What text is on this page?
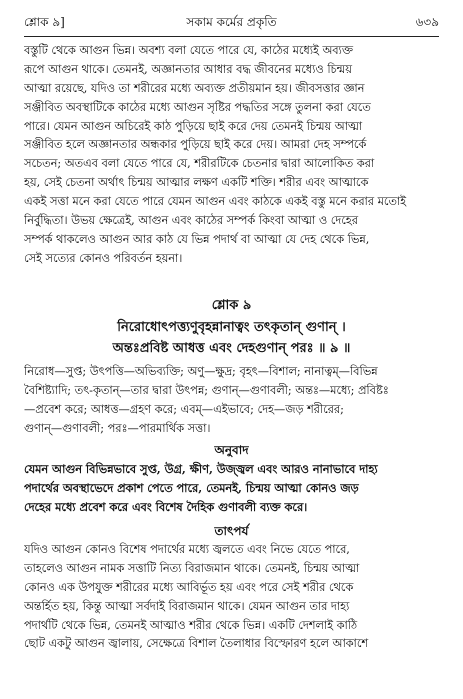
শ্লোক ৯]	সকাম কর্মের প্রকৃতি	৬৩৯
বস্তুটি থেকে আগুন ভিন্ন। অবশ্য বলা যেতে পারে যে, কাঠের মধ্যেই অব্যক্ত
রূপে আগুন থাকে। তেমনই, অজ্ঞানতার আধার বদ্ধ জীবনের মধ্যেও চিন্ময়
আত্মা রয়েছে, যদিও তা শরীরের মধ্যে অব্যক্ত প্রতীয়মান হয়। জীবসত্তার জ্ঞান
সঞ্জীবিত অবস্থাটিকে কাঠের মধ্যে আগুন সৃষ্টির পদ্ধতির সঙ্গে তুলনা করা যেতে
পারে। যেমন আগুন অচিরেই কাঠ পুড়িয়ে ছাই করে দেয় তেমনই চিন্ময় আত্মা
সঞ্জীবিত হলে অজ্ঞানতার অন্ধকার পুড়িয়ে ছাই করে দেয়। আমরা দেহ সম্পর্কে
সচেতন; অতএব বলা যেতে পারে যে, শরীরটিকে চেতনার দ্বারা আলোকিত করা
হয়, সেই চেতনা অর্থাৎ চিন্ময় আত্মার লক্ষণ একটি শক্তি। শরীর এবং আত্মাকে
একই সত্তা মনে করা যেতে পারে যেমন আগুন এবং কাঠকে একই বস্তু মনে করার মতোই
নির্বুদ্ধিতা। উভয় ক্ষেত্রেই, আগুন এবং কাঠের সম্পর্ক কিংবা আত্মা ও দেহের
সম্পর্ক থাকলেও আগুন আর কাঠ যে ভিন্ন পদার্থ বা আত্মা যে দেহ থেকে ভিন্ন,
সেই সত্যের কোনও পরিবর্তন হয়না।
শ্লোক ৯
নিরোধোৎপত্ত্যণুবৃহন্নানাত্বং তৎকৃতান্ গুণান্ ।
অন্তঃপ্রবিষ্ট আধত্ত এবং দেহগুণান্ পরঃ ॥ ৯ ॥
নিরোধ—সুপ্ত; উৎপত্তি—অভিব্যক্তি; অণু—ক্ষুদ্র; বৃহৎ—বিশাল; নানাত্বম্—বিভিন্ন
বৈশিষ্ট্যাদি; তৎ-কৃতান্—তার দ্বারা উৎপন্ন; গুণান্—গুণাবলী; অন্তঃ—মধ্যে; প্রবিষ্টঃ
—প্রবেশ করে; আধত্ত—গ্রহণ করে; এবম্—এইভাবে; দেহ—জড় শরীরের;
গুণান্—গুণাবলী; পরঃ—পারমার্থিক সত্তা।
অনুবাদ
যেমন আগুন বিভিন্নভাবে সুপ্ত, উগ্র, ক্ষীণ, উজ্জ্বল এবং আরও নানাভাবে দাহ্য
পদার্থের অবস্থাভেদে প্রকাশ পেতে পারে, তেমনই, চিন্ময় আত্মা কোনও জড়
দেহের মধ্যে প্রবেশ করে এবং বিশেষ দৈহিক গুণাবলী ব্যক্ত করে।
তাৎপর্য
যদিও আগুন কোনও বিশেষ পদার্থের মধ্যে জ্বলতে এবং নিভে যেতে পারে,
তাহলেও আগুন নামক সত্তাটি নিত্য বিরাজমান থাকে। তেমনই, চিন্ময় আত্মা
কোনও এক উপযুক্ত শরীরের মধ্যে আবির্ভূত হয় এবং পরে সেই শরীর থেকে
অন্তর্হিত হয়, কিন্তু আত্মা সর্বদাই বিরাজমান থাকে। যেমন আগুন তার দাহ্য
পদার্থটি থেকে ভিন্ন, তেমনই আত্মাও শরীর থেকে ভিন্ন। একটি দেশলাই কাঠি
ছোট একটু আগুন জ্বালায়, সেক্ষেত্রে বিশাল তৈলাধার বিস্ফোরণ হলে আকাশে
